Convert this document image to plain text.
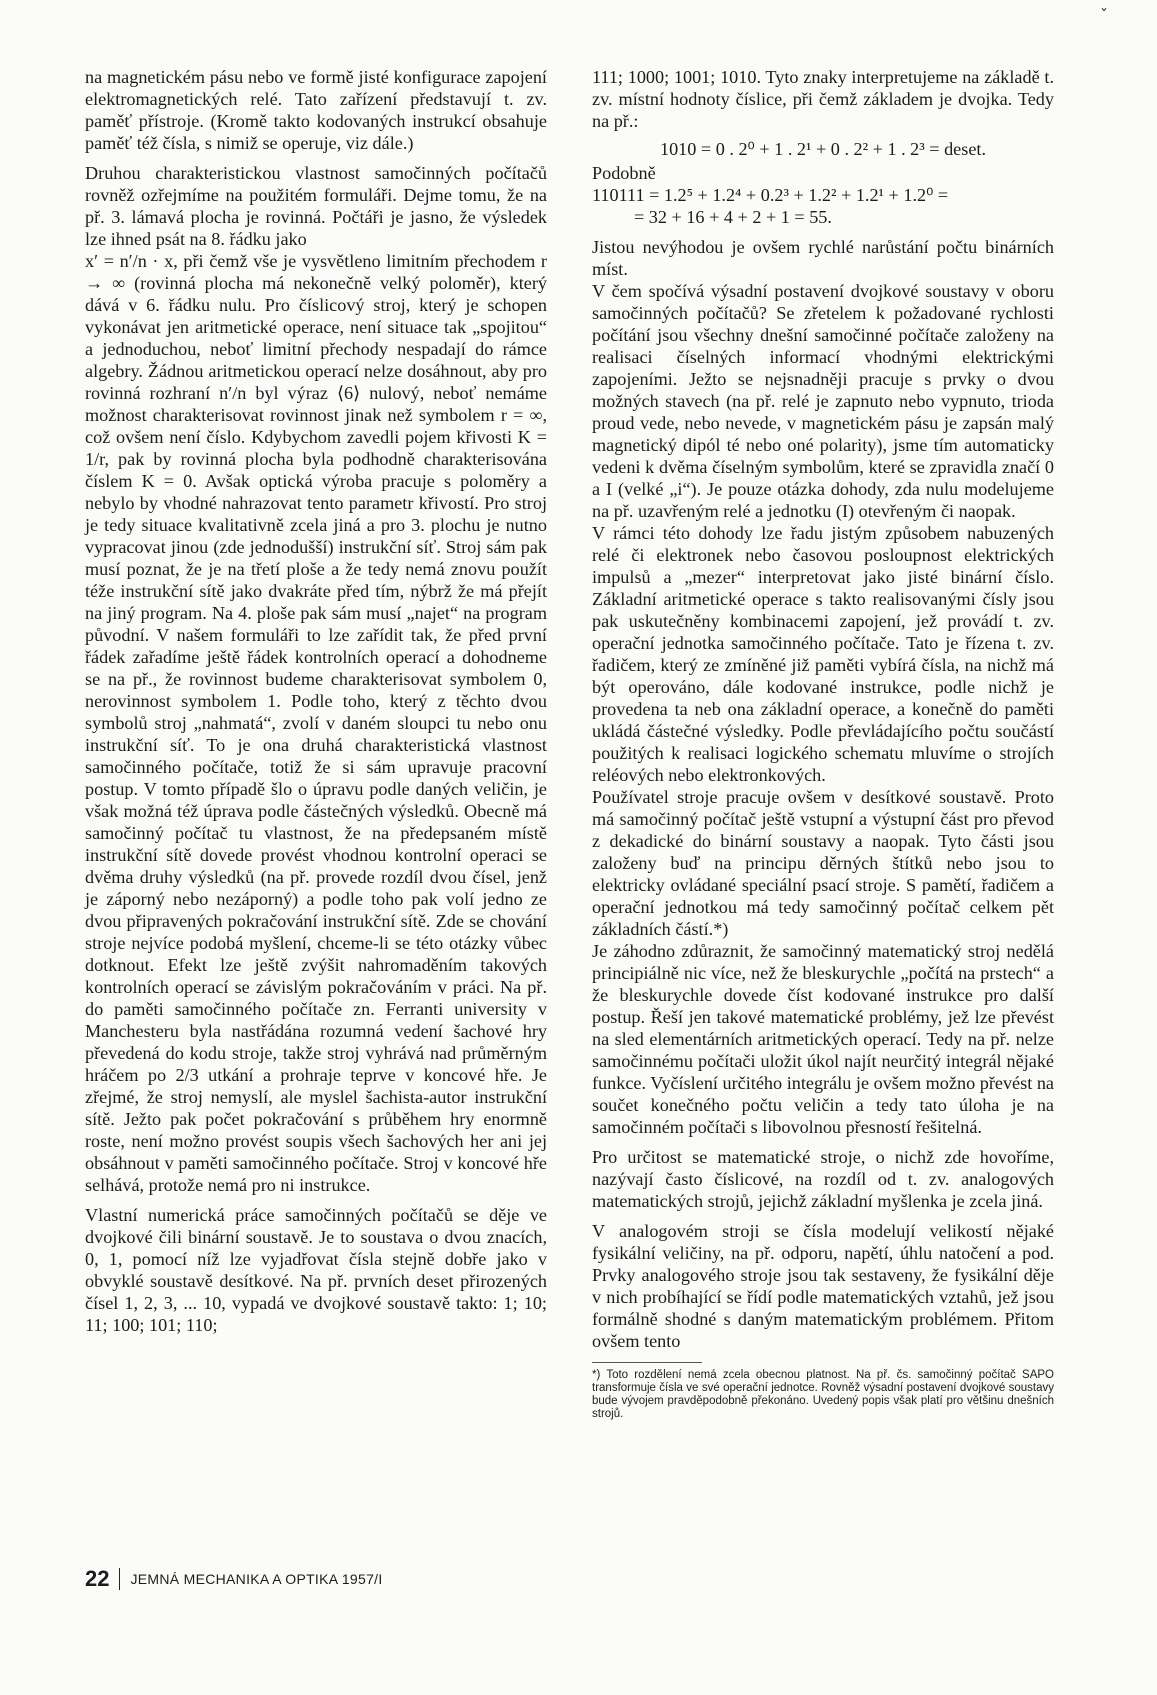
ˇ

na magnetickém pásu nebo ve formě jisté konfigurace zapojení elektromagnetických relé. Tato zařízení představují t. zv. paměť přístroje. (Kromě takto kodovaných instrukcí obsahuje paměť též čísla, s nimiž se operuje, viz dále.)

Druhou charakteristickou vlastnost samočinných počítačů rovněž ozřejmíme na použitém formuláři. Dejme tomu, že na př. 3. lámavá plocha je rovinná. Počtáři je jasno, že výsledek lze ihned psát na 8. řádku jako

x′ = n′/n · x, při čemž vše je vysvětleno limitním přechodem r → ∞ (rovinná plocha má nekonečně velký poloměr), který dává v 6. řádku nulu. Pro číslicový stroj, který je schopen vykonávat jen aritmetické operace, není situace tak „spojitou“ a jednoduchou, neboť limitní přechody nespadají do rámce algebry. Žádnou aritmetickou operací nelze dosáhnout, aby pro rovinná rozhraní n′/n byl výraz ⟨6⟩ nulový, neboť nemáme možnost charakterisovat rovinnost jinak než symbolem r = ∞, což ovšem není číslo. Kdybychom zavedli pojem křivosti K = 1/r, pak by rovinná plocha byla podhodně charakterisována číslem K = 0. Avšak optická výroba pracuje s poloměry a nebylo by vhodné nahrazovat tento parametr křivostí. Pro stroj je tedy situace kvalitativně zcela jiná a pro 3. plochu je nutno vypracovat jinou (zde jednodušší) instrukční síť. Stroj sám pak musí poznat, že je na třetí ploše a že tedy nemá znovu použít téže instrukční sítě jako dvakráte před tím, nýbrž že má přejít na jiný program. Na 4. ploše pak sám musí „najet“ na program původní. V našem formuláři to lze zařídit tak, že před první řádek zařadíme ještě řádek kontrolních operací a dohodneme se na př., že rovinnost budeme charakterisovat symbolem 0, nerovinnost symbolem 1. Podle toho, který z těchto dvou symbolů stroj „nahmatá“, zvolí v daném sloupci tu nebo onu instrukční síť. To je ona druhá charakteristická vlastnost samočinného počítače, totiž že si sám upravuje pracovní postup. V tomto případě šlo o úpravu podle daných veličin, je však možná též úprava podle částečných výsledků. Obecně má samočinný počítač tu vlastnost, že na předepsaném místě instrukční sítě dovede provést vhodnou kontrolní operaci se dvěma druhy výsledků (na př. provede rozdíl dvou čísel, jenž je záporný nebo nezáporný) a podle toho pak volí jedno ze dvou připravených pokračování instrukční sítě. Zde se chování stroje nejvíce podobá myšlení, chceme-li se této otázky vůbec dotknout. Efekt lze ještě zvýšit nahromaděním takových kontrolních operací se závislým pokračováním v práci. Na př. do paměti samočinného počítače zn. Ferranti university v Manchesteru byla nastřádána rozumná vedení šachové hry převedená do kodu stroje, takže stroj vyhrává nad průměrným hráčem po 2/3 utkání a prohraje teprve v koncové hře. Je zřejmé, že stroj nemyslí, ale myslel šachista-autor instrukční sítě. Ježto pak počet pokračování s průběhem hry enormně roste, není možno provést soupis všech šachových her ani jej obsáhnout v paměti samočinného počítače. Stroj v koncové hře selhává, protože nemá pro ni instrukce.

Vlastní numerická práce samočinných počítačů se děje ve dvojkové čili binární soustavě. Je to soustava o dvou znacích, 0, 1, pomocí níž lze vyjadřovat čísla stejně dobře jako v obvyklé soustavě desítkové. Na př. prvních deset přirozených čísel 1, 2, 3, ... 10, vypadá ve dvojkové soustavě takto: 1; 10; 11; 100; 101; 110;

111; 1000; 1001; 1010. Tyto znaky interpretujeme na základě t. zv. místní hodnoty číslice, při čemž základem je dvojka. Tedy na př.:

1010 = 0 . 2⁰ + 1 . 2¹ + 0 . 2² + 1 . 2³ = deset.

Podobně

110111 = 1.2⁵ + 1.2⁴ + 0.2³ + 1.2² + 1.2¹ + 1.2⁰ =

= 32 + 16 + 4 + 2 + 1 = 55.

Jistou nevýhodou je ovšem rychlé narůstání počtu binárních míst.

V čem spočívá výsadní postavení dvojkové soustavy v oboru samočinných počítačů? Se zřetelem k požadované rychlosti počítání jsou všechny dnešní samočinné počítače založeny na realisaci číselných informací vhodnými elektrickými zapojeními. Ježto se nejsnadněji pracuje s prvky o dvou možných stavech (na př. relé je zapnuto nebo vypnuto, trioda proud vede, nebo nevede, v magnetickém pásu je zapsán malý magnetický dipól té nebo oné polarity), jsme tím automaticky vedeni k dvěma číselným symbolům, které se zpravidla značí 0 a I (velké „i“). Je pouze otázka dohody, zda nulu modelujeme na př. uzavřeným relé a jednotku (I) otevřeným či naopak.

V rámci této dohody lze řadu jistým způsobem nabuzených relé či elektronek nebo časovou posloupnost elektrických impulsů a „mezer“ interpretovat jako jisté binární číslo. Základní aritmetické operace s takto realisovanými čísly jsou pak uskutečněny kombinacemi zapojení, jež provádí t. zv. operační jednotka samočinného počítače. Tato je řízena t. zv. řadičem, který ze zmíněné již paměti vybírá čísla, na nichž má být operováno, dále kodované instrukce, podle nichž je provedena ta neb ona základní operace, a konečně do paměti ukládá částečné výsledky. Podle převládajícího počtu součástí použitých k realisaci logického schematu mluvíme o strojích reléových nebo elektronkových.

Používatel stroje pracuje ovšem v desítkové soustavě. Proto má samočinný počítač ještě vstupní a výstupní část pro převod z dekadické do binární soustavy a naopak. Tyto části jsou založeny buď na principu děrných štítků nebo jsou to elektricky ovládané speciální psací stroje. S pamětí, řadičem a operační jednotkou má tedy samočinný počítač celkem pět základních částí.*)

Je záhodno zdůraznit, že samočinný matematický stroj nedělá principiálně nic více, než že bleskurychle „počítá na prstech“ a že bleskurychle dovede číst kodované instrukce pro další postup. Řeší jen takové matematické problémy, jež lze převést na sled elementárních aritmetických operací. Tedy na př. nelze samočinnému počítači uložit úkol najít neurčitý integrál nějaké funkce. Vyčíslení určitého integrálu je ovšem možno převést na součet konečného počtu veličin a tedy tato úloha je na samočinném počítači s libovolnou přesností řešitelná.

Pro určitost se matematické stroje, o nichž zde hovoříme, nazývají často číslicové, na rozdíl od t. zv. analogových matematických strojů, jejichž základní myšlenka je zcela jiná.

V analogovém stroji se čísla modelují velikostí nějaké fysikální veličiny, na př. odporu, napětí, úhlu natočení a pod. Prvky analogového stroje jsou tak sestaveny, že fysikální děje v nich probíhající se řídí podle matematických vztahů, jež jsou formálně shodné s daným matematickým problémem. Přitom ovšem tento

*) Toto rozdělení nemá zcela obecnou platnost. Na př. čs. samočinný počítač SAPO transformuje čísla ve své operační jednotce. Rovněž výsadní postavení dvojkové soustavy bude vývojem pravděpodobně překonáno. Uvedený popis však platí pro většinu dnešních strojů.

22 JEMNÁ MECHANIKA A OPTIKA 1957/I
